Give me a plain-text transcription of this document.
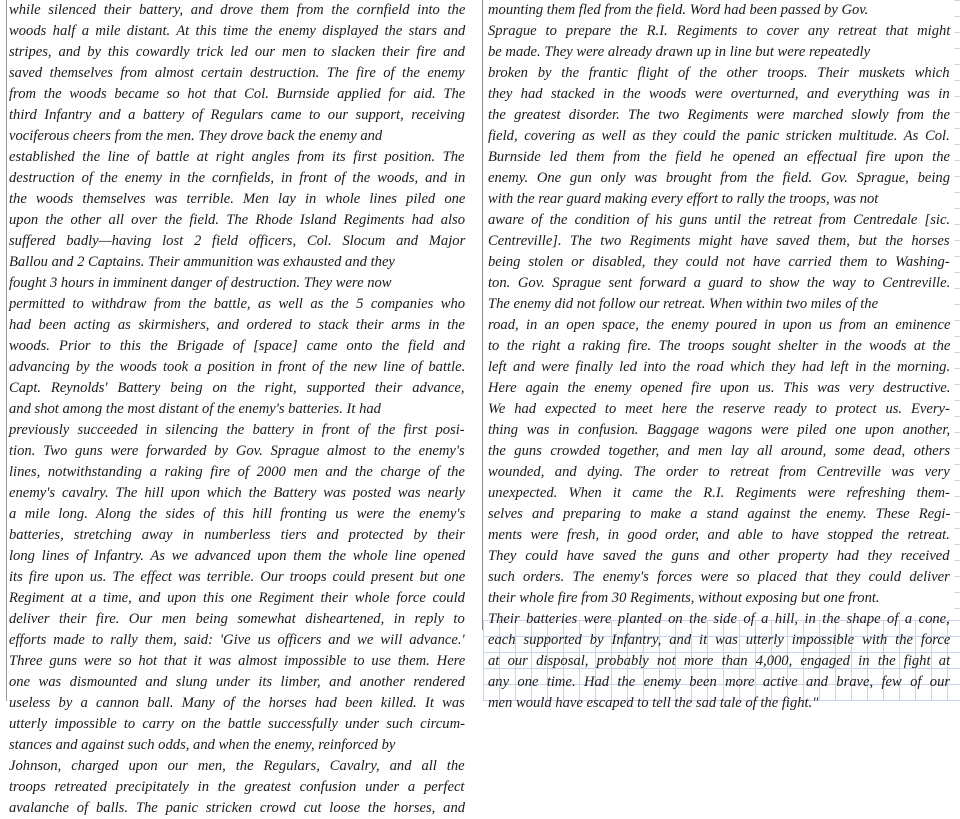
while silenced their battery, and drove them from the cornfield into the
woods half a mile distant. At this time the enemy displayed the stars and
stripes, and by this cowardly trick led our men to slacken their fire and
saved themselves from almost certain destruction. The fire of the enemy
from the woods became so hot that Col. Burnside applied for aid. The
third Infantry and a battery of Regulars came to our support, receiving
vociferous cheers from the men. They drove back the enemy and
established the line of battle at right angles from its first position. The
destruction of the enemy in the cornfields, in front of the woods, and in
the woods themselves was terrible. Men lay in whole lines piled one
upon the other all over the field. The Rhode Island Regiments had also
suffered badly—having lost 2 field officers, Col. Slocum and Major
Ballou and 2 Captains. Their ammunition was exhausted and they
fought 3 hours in imminent danger of destruction. They were now
permitted to withdraw from the battle, as well as the 5 companies who
had been acting as skirmishers, and ordered to stack their arms in the
woods. Prior to this the Brigade of [space] came onto the field and
advancing by the woods took a position in front of the new line of battle.
Capt. Reynolds' Battery being on the right, supported their advance,
and shot among the most distant of the enemy's batteries. It had
previously succeeded in silencing the battery in front of the first posi-
tion. Two guns were forwarded by Gov. Sprague almost to the enemy's
lines, notwithstanding a raking fire of 2000 men and the charge of the
enemy's cavalry. The hill upon which the Battery was posted was nearly
a mile long. Along the sides of this hill fronting us were the enemy's
batteries, stretching away in numberless tiers and protected by their
long lines of Infantry. As we advanced upon them the whole line opened
its fire upon us. The effect was terrible. Our troops could present but one
Regiment at a time, and upon this one Regiment their whole force could
deliver their fire. Our men being somewhat disheartened, in reply to
efforts made to rally them, said: 'Give us officers and we will advance.'
Three guns were so hot that it was almost impossible to use them. Here
one was dismounted and slung under its limber, and another rendered
useless by a cannon ball. Many of the horses had been killed. It was
utterly impossible to carry on the battle successfully under such circum-
stances and against such odds, and when the enemy, reinforced by
Johnson, charged upon our men, the Regulars, Cavalry, and all the
troops retreated precipitately in the greatest confusion under a perfect
avalanche of balls. The panic stricken crowd cut loose the horses, and
mounting them fled from the field. Word had been passed by Gov.
Sprague to prepare the R.I. Regiments to cover any retreat that might
be made. They were already drawn up in line but were repeatedly
broken by the frantic flight of the other troops. Their muskets which
they had stacked in the woods were overturned, and everything was in
the greatest disorder. The two Regiments were marched slowly from the
field, covering as well as they could the panic stricken multitude. As Col.
Burnside led them from the field he opened an effectual fire upon the
enemy. One gun only was brought from the field. Gov. Sprague, being
with the rear guard making every effort to rally the troops, was not
aware of the condition of his guns until the retreat from Centredale [sic.
Centreville]. The two Regiments might have saved them, but the horses
being stolen or disabled, they could not have carried them to Washing-
ton. Gov. Sprague sent forward a guard to show the way to Centreville.
The enemy did not follow our retreat. When within two miles of the
road, in an open space, the enemy poured in upon us from an eminence
to the right a raking fire. The troops sought shelter in the woods at the
left and were finally led into the road which they had left in the morning.
Here again the enemy opened fire upon us. This was very destructive.
We had expected to meet here the reserve ready to protect us. Every-
thing was in confusion. Baggage wagons were piled one upon another,
the guns crowded together, and men lay all around, some dead, others
wounded, and dying. The order to retreat from Centreville was very
unexpected. When it came the R.I. Regiments were refreshing them-
selves and preparing to make a stand against the enemy. These Regi-
ments were fresh, in good order, and able to have stopped the retreat.
They could have saved the guns and other property had they received
such orders. The enemy's forces were so placed that they could deliver
their whole fire from 30 Regiments, without exposing but one front.
Their batteries were planted on the side of a hill, in the shape of a cone,
each supported by Infantry, and it was utterly impossible with the force
at our disposal, probably not more than 4,000, engaged in the fight at
any one time. Had the enemy been more active and brave, few of our
men would have escaped to tell the sad tale of the fight."
